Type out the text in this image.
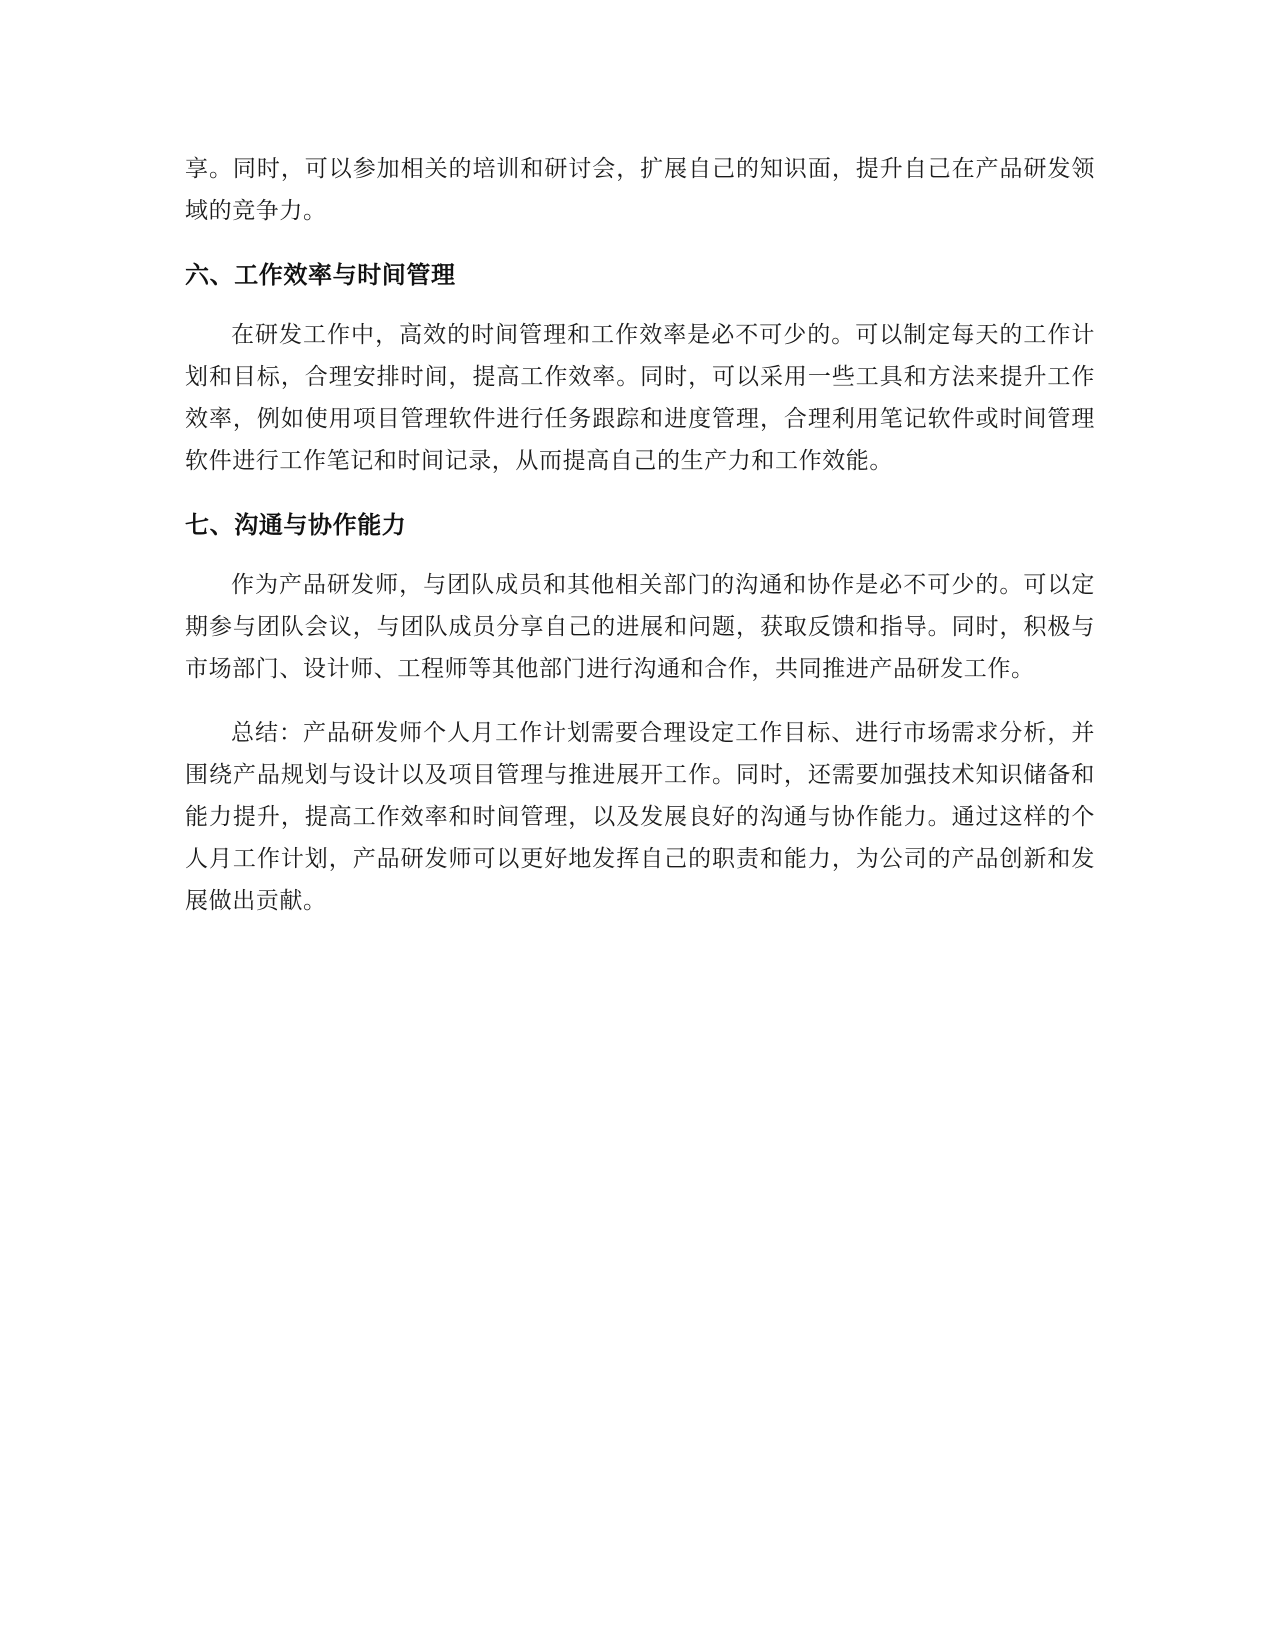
享。同时，可以参加相关的培训和研讨会，扩展自己的知识面，提升自己在产品研发领域的竞争力。

六、工作效率与时间管理

在研发工作中，高效的时间管理和工作效率是必不可少的。可以制定每天的工作计划和目标，合理安排时间，提高工作效率。同时，可以采用一些工具和方法来提升工作效率，例如使用项目管理软件进行任务跟踪和进度管理，合理利用笔记软件或时间管理软件进行工作笔记和时间记录，从而提高自己的生产力和工作效能。

七、沟通与协作能力

作为产品研发师，与团队成员和其他相关部门的沟通和协作是必不可少的。可以定期参与团队会议，与团队成员分享自己的进展和问题，获取反馈和指导。同时，积极与市场部门、设计师、工程师等其他部门进行沟通和合作，共同推进产品研发工作。

总结：产品研发师个人月工作计划需要合理设定工作目标、进行市场需求分析，并围绕产品规划与设计以及项目管理与推进展开工作。同时，还需要加强技术知识储备和能力提升，提高工作效率和时间管理，以及发展良好的沟通与协作能力。通过这样的个人月工作计划，产品研发师可以更好地发挥自己的职责和能力，为公司的产品创新和发展做出贡献。
